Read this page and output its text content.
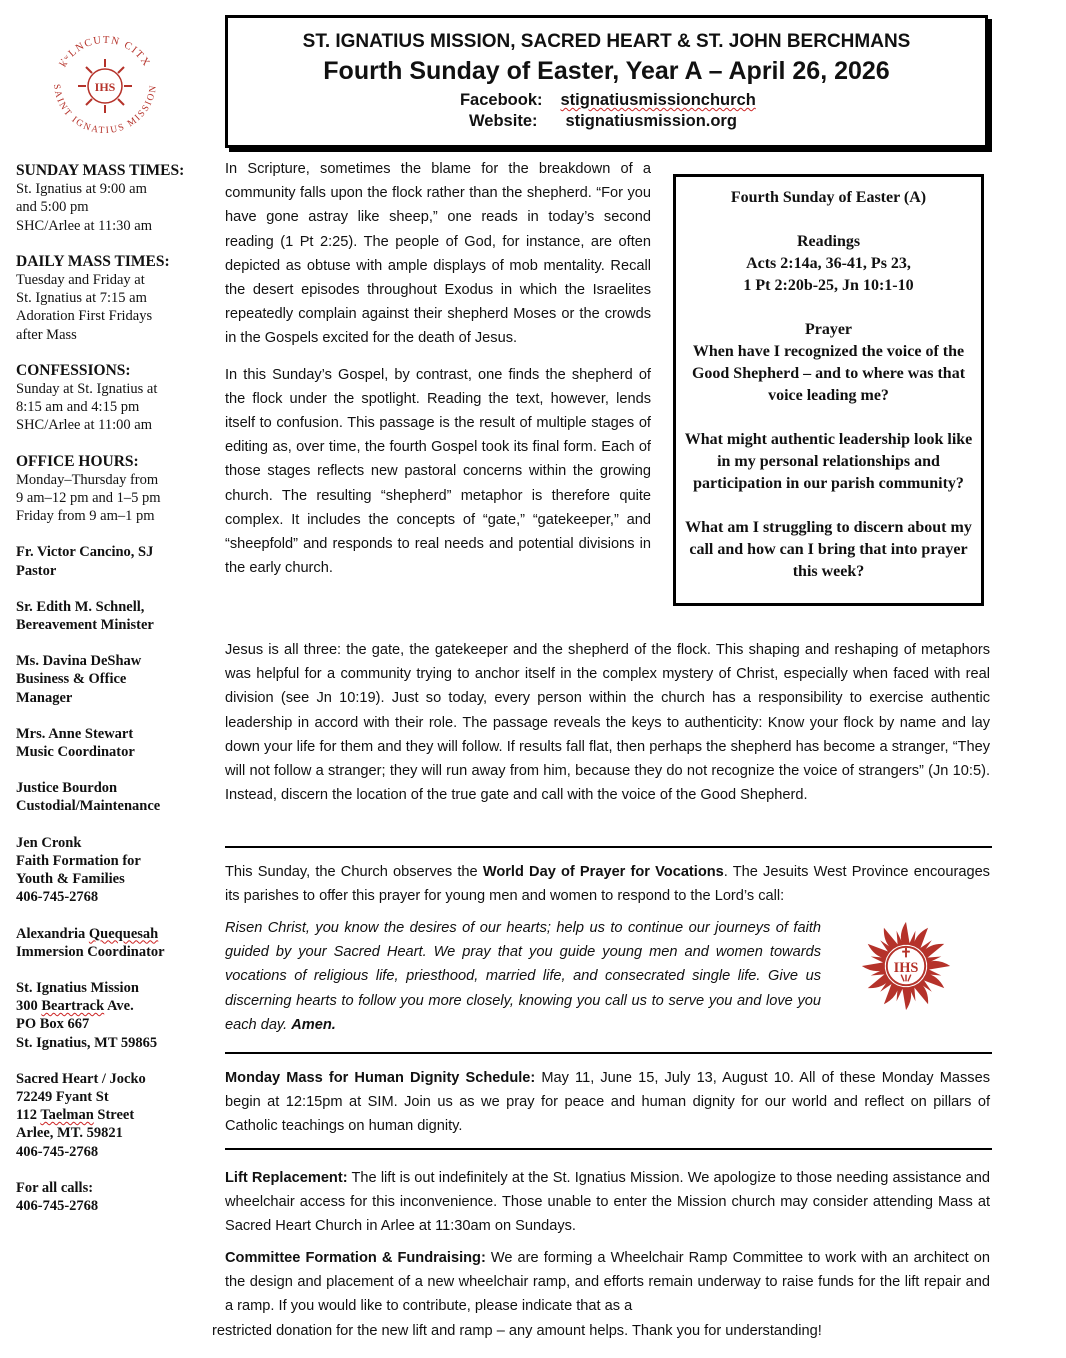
k̓ʷLNCUTN CITX
SAINT IGNATIUS MISSION
IHS
SUNDAY MASS TIMES:
St. Ignatius at 9:00 am
and 5:00 pm
SHC/Arlee at 11:30 am
DAILY MASS TIMES:
Tuesday and Friday at
St. Ignatius at 7:15 am
Adoration First Fridays
after Mass
CONFESSIONS:
Sunday at St. Ignatius at
8:15 am and 4:15 pm
SHC/Arlee at 11:00 am
OFFICE HOURS:
Monday–Thursday from
9 am–12 pm and 1–5 pm
Friday from 9 am–1 pm
Fr. Victor Cancino, SJ
Pastor
Sr. Edith M. Schnell,
Bereavement Minister
Ms. Davina DeShaw
Business & Office
Manager
Mrs. Anne Stewart
Music Coordinator
Justice Bourdon
Custodial/Maintenance
Jen Cronk
Faith Formation for
Youth & Families
406-745-2768
Alexandria Quequesah
Immersion Coordinator
St. Ignatius Mission
300 Beartrack Ave.
PO Box 667
St. Ignatius, MT 59865
Sacred Heart / Jocko
72249 Fyant St
112 Taelman Street
Arlee, MT. 59821
406-745-2768
For all calls:
406-745-2768
ST. IGNATIUS MISSION, SACRED HEART & ST. JOHN BERCHMANS
Fourth Sunday of Easter, Year A – April 26, 2026
Facebook: stignatiusmissionchurch
Website: stignatiusmission.org

Fourth Sunday of Easter (A)

Readings
Acts 2:14a, 36-41, Ps 23,
1 Pt 2:20b-25, Jn 10:1-10

Prayer
When have I recognized the voice of the Good Shepherd – and to where was that voice leading me?

What might authentic leadership look like in my personal relationships and participation in our parish community?

What am I struggling to discern about my call and how can I bring that into prayer this week?

In Scripture, sometimes the blame for the breakdown of a community falls upon the flock rather than the shepherd. “For you have gone astray like sheep,” one reads in today’s second reading (1 Pt 2:25). The people of God, for instance, are often depicted as obtuse with ample displays of mob mentality. Recall the desert episodes throughout Exodus in which the Israelites repeatedly complain against their shepherd Moses or the crowds in the Gospels excited for the death of Jesus.

In this Sunday’s Gospel, by contrast, one finds the shepherd of the flock under the spotlight. Reading the text, however, lends itself to confusion. This passage is the result of multiple stages of editing as, over time, the fourth Gospel took its final form. Each of those stages reflects new pastoral concerns within the growing church. The resulting “shepherd” metaphor is therefore quite complex. It includes the concepts of “gate,” “gatekeeper,” and “sheepfold” and responds to real needs and potential divisions in the early church.

Jesus is all three: the gate, the gatekeeper and the shepherd of the flock. This shaping and reshaping of metaphors was helpful for a community trying to anchor itself in the complex mystery of Christ, especially when faced with real division (see Jn 10:19). Just so today, every person within the church has a responsibility to exercise authentic leadership in accord with their role. The passage reveals the keys to authenticity: Know your flock by name and lay down your life for them and they will follow. If results fall flat, then perhaps the shepherd has become a stranger, “They will not follow a stranger; they will run away from him, because they do not recognize the voice of strangers” (Jn 10:5). Instead, discern the location of the true gate and call with the voice of the Good Shepherd.
This Sunday, the Church observes the World Day of Prayer for Vocations. The Jesuits West Province encourages its parishes to offer this prayer for young men and women to respond to the Lord’s call:
Risen Christ, you know the desires of our hearts; help us to continue our journeys of faith guided by your Sacred Heart. We pray that you guide young men and women towards vocations of religious life, priesthood, married life, and consecrated single life. Give us discerning hearts to follow you more closely, knowing you call us to serve you and love you each day. Amen.
IHS
Monday Mass for Human Dignity Schedule: May 11, June 15, July 13, August 10. All of these Monday Masses begin at 12:15pm at SIM. Join us as we pray for peace and human dignity for our world and reflect on pillars of Catholic teachings on human dignity.
Lift Replacement: The lift is out indefinitely at the St. Ignatius Mission. We apologize to those needing assistance and wheelchair access for this inconvenience. Those unable to enter the Mission church may consider attending Mass at Sacred Heart Church in Arlee at 11:30am on Sundays.
Committee Formation & Fundraising: We are forming a Wheelchair Ramp Committee to work with an architect on the design and placement of a new wheelchair ramp, and efforts remain underway to raise funds for the lift repair and a ramp. If you would like to contribute, please indicate that as a
restricted donation for the new lift and ramp – any amount helps. Thank you for understanding!
